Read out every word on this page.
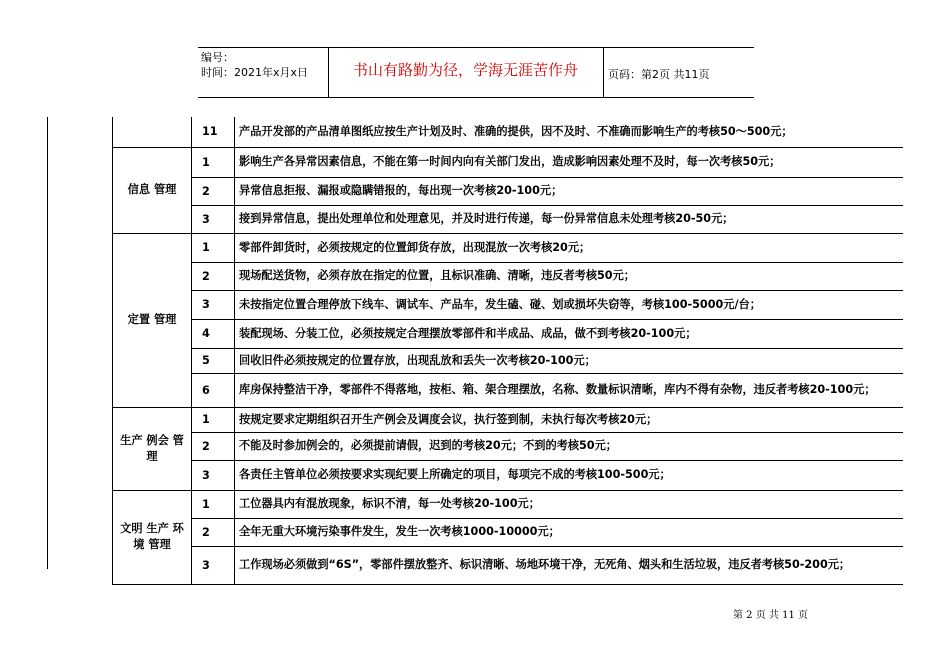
编号：
时间：2021年x月x日	书山有路勤为径，学海无涯苦作舟	页码：第2页 共11页
	11	产品开发部的产品清单图纸应按生产计划及时、准确的提供，因不及时、不准确而影响生产的考核50～500元；
信息 管理	1	影响生产各异常因素信息，不能在第一时间内向有关部门发出，造成影响因素处理不及时，每一次考核50元；
	2	异常信息拒报、漏报或隐瞒错报的，每出现一次考核20-100元；
	3	接到异常信息，提出处理单位和处理意见，并及时进行传递，每一份异常信息未处理考核20-50元；
定置 管理	1	零部件卸货时，必须按规定的位置卸货存放，出现混放一次考核20元；
	2	现场配送货物，必须存放在指定的位置，且标识准确、清晰，违反者考核50元；
	3	未按指定位置合理停放下线车、调试车、产品车，发生磕、碰、划或损坏失窃等，考核100-5000元/台；
	4	装配现场、分装工位，必须按规定合理摆放零部件和半成品、成品，做不到考核20-100元；
	5	回收旧件必须按规定的位置存放，出现乱放和丢失一次考核20-100元；
	6	库房保持整洁干净，零部件不得落地，按柜、箱、架合理摆放，名称、数量标识清晰，库内不得有杂物，违反者考核20-100元；
生产 例会 管理	1	按规定要求定期组织召开生产例会及调度会议，执行签到制，未执行每次考核20元；
	2	不能及时参加例会的，必须提前请假，迟到的考核20元；不到的考核50元；
	3	各责任主管单位必须按要求实现纪要上所确定的项目，每项完不成的考核100-500元；
文明 生产 环境 管理	1	工位器具内有混放现象，标识不清，每一处考核20-100元；
	2	全年无重大环境污染事件发生，发生一次考核1000-10000元；
	3	工作现场必须做到“6S”，零部件摆放整齐、标识清晰、场地环境干净，无死角、烟头和生活垃圾，违反者考核50-200元；
第 2 页 共 11 页
